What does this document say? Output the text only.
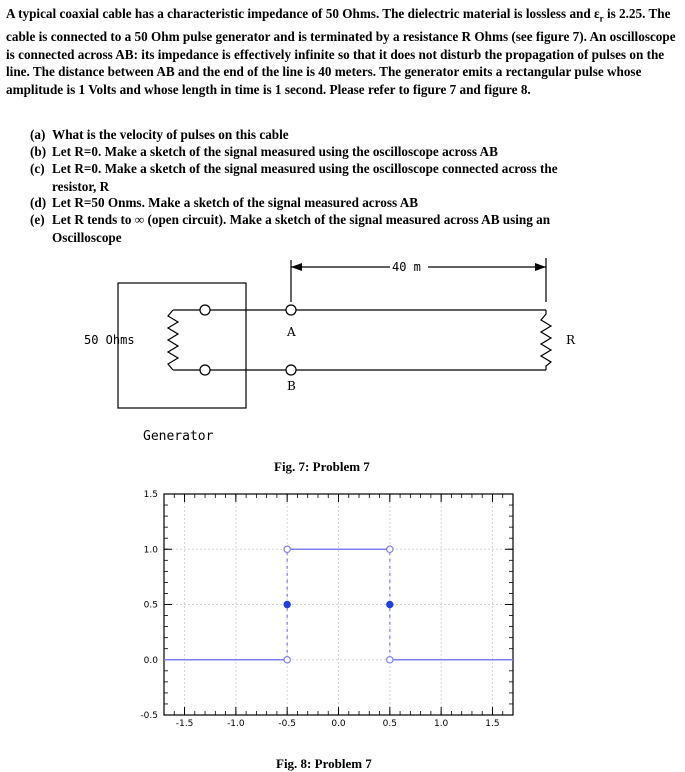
A typical coaxial cable has a characteristic impedance of 50 Ohms. The dielectric material is lossless and $\varepsilon_r$ is 2.25. The cable is connected to a 50 Ohm pulse generator and is terminated by a resistance R Ohms (see figure 7). An oscilloscope is connected across AB: its impedance is effectively infinite so that it does not disturb the propagation of pulses on the line. The distance between AB and the end of the line is 40 meters. The generator emits a rectangular pulse whose amplitude is 1 Volts and whose length in time is 1 second. Please refer to figure 7 and figure 8.

(a) What is the velocity of pulses on this cable
(b) Let R=0. Make a sketch of the signal measured using the oscilloscope across AB
(c) Let R=0. Make a sketch of the signal measured using the oscilloscope connected across the
resistor, R
(d) Let R=50 Onms. Make a sketch of the signal measured across AB
(e) Let R tends to ∞ (open circuit). Make a sketch of the signal measured across AB using an
Oscilloscope
40 m
50 Ohms
Generator
A
B
R
Fig. 7: Problem 7
-1.5	-1.0	-0.5	0.0	0.5	1.0	1.5
-0.5
0.0
0.5
1.0
1.5
Fig. 8: Problem 7
